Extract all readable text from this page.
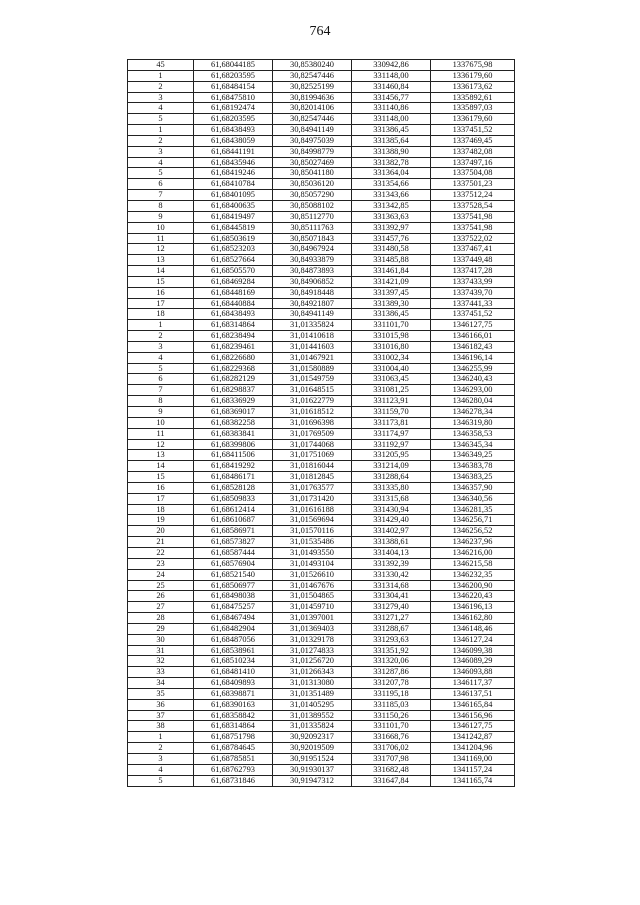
764
45	61,68044185	30,85380240	330942,86	1337675,98
1	61,68203595	30,82547446	331148,00	1336179,60
2	61,68484154	30,82525199	331460,84	1336173,62
3	61,68475810	30,81994636	331456,77	1335892,61
4	61,68192474	30,82014106	331140,86	1335897,03
5	61,68203595	30,82547446	331148,00	1336179,60
1	61,68438493	30,84941149	331386,45	1337451,52
2	61,68438059	30,84975039	331385,64	1337469,45
3	61,68441191	30,84998779	331388,90	1337482,08
4	61,68435946	30,85027469	331382,78	1337497,16
5	61,68419246	30,85041180	331364,04	1337504,08
6	61,68410784	30,85036120	331354,66	1337501,23
7	61,68401095	30,85057290	331343,66	1337512,24
8	61,68400635	30,85088102	331342,85	1337528,54
9	61,68419497	30,85112770	331363,63	1337541,98
10	61,68445819	30,85111763	331392,97	1337541,98
11	61,68503619	30,85071843	331457,76	1337522,02
12	61,68523203	30,84967924	331480,58	1337467,41
13	61,68527664	30,84933879	331485,88	1337449,48
14	61,68505570	30,84873893	331461,84	1337417,28
15	61,68469284	30,84906852	331421,09	1337433,99
16	61,68448169	30,84918448	331397,45	1337439,70
17	61,68440884	30,84921807	331389,30	1337441,33
18	61,68438493	30,84941149	331386,45	1337451,52
1	61,68314864	31,01335824	331101,70	1346127,75
2	61,68238494	31,01410618	331015,98	1346166,01
3	61,68239461	31,01441603	331016,80	1346182,43
4	61,68226680	31,01467921	331002,34	1346196,14
5	61,68229368	31,01580889	331004,40	1346255,99
6	61,68282129	31,01549759	331063,45	1346240,43
7	61,68298837	31,01648515	331081,25	1346293,00
8	61,68336929	31,01622779	331123,91	1346280,04
9	61,68369017	31,01618512	331159,70	1346278,34
10	61,68382258	31,01696398	331173,81	1346319,80
11	61,68383841	31,01769509	331174,97	1346358,53
12	61,68399806	31,01744068	331192,97	1346345,34
13	61,68411506	31,01751069	331205,95	1346349,25
14	61,68419292	31,01816044	331214,09	1346383,78
15	61,68486171	31,01812845	331288,64	1346383,25
16	61,68528128	31,01763577	331335,80	1346357,90
17	61,68509833	31,01731420	331315,68	1346340,56
18	61,68612414	31,01616188	331430,94	1346281,35
19	61,68610687	31,01569694	331429,40	1346256,71
20	61,68586971	31,01570116	331402,97	1346256,52
21	61,68573827	31,01535486	331388,61	1346237,96
22	61,68587444	31,01493550	331404,13	1346216,00
23	61,68576904	31,01493104	331392,39	1346215,58
24	61,68521540	31,01526610	331330,42	1346232,35
25	61,68506977	31,01467676	331314,68	1346200,90
26	61,68498038	31,01504865	331304,41	1346220,43
27	61,68475257	31,01459710	331279,40	1346196,13
28	61,68467494	31,01397001	331271,27	1346162,80
29	61,68482904	31,01369403	331288,67	1346148,46
30	61,68487056	31,01329178	331293,63	1346127,24
31	61,68538961	31,01274833	331351,92	1346099,38
32	61,68510234	31,01256720	331320,06	1346089,29
33	61,68481410	31,01266343	331287,86	1346093,88
34	61,68409893	31,01313080	331207,78	1346117,37
35	61,68398871	31,01351489	331195,18	1346137,51
36	61,68390163	31,01405295	331185,03	1346165,84
37	61,68358842	31,01389552	331150,26	1346156,96
38	61,68314864	31,01335824	331101,70	1346127,75
1	61,68751798	30,92092317	331668,76	1341242,87
2	61,68784645	30,92019509	331706,02	1341204,96
3	61,68785851	30,91951524	331707,98	1341169,00
4	61,68762793	30,91930137	331682,48	1341157,24
5	61,68731846	30,91947312	331647,84	1341165,74
